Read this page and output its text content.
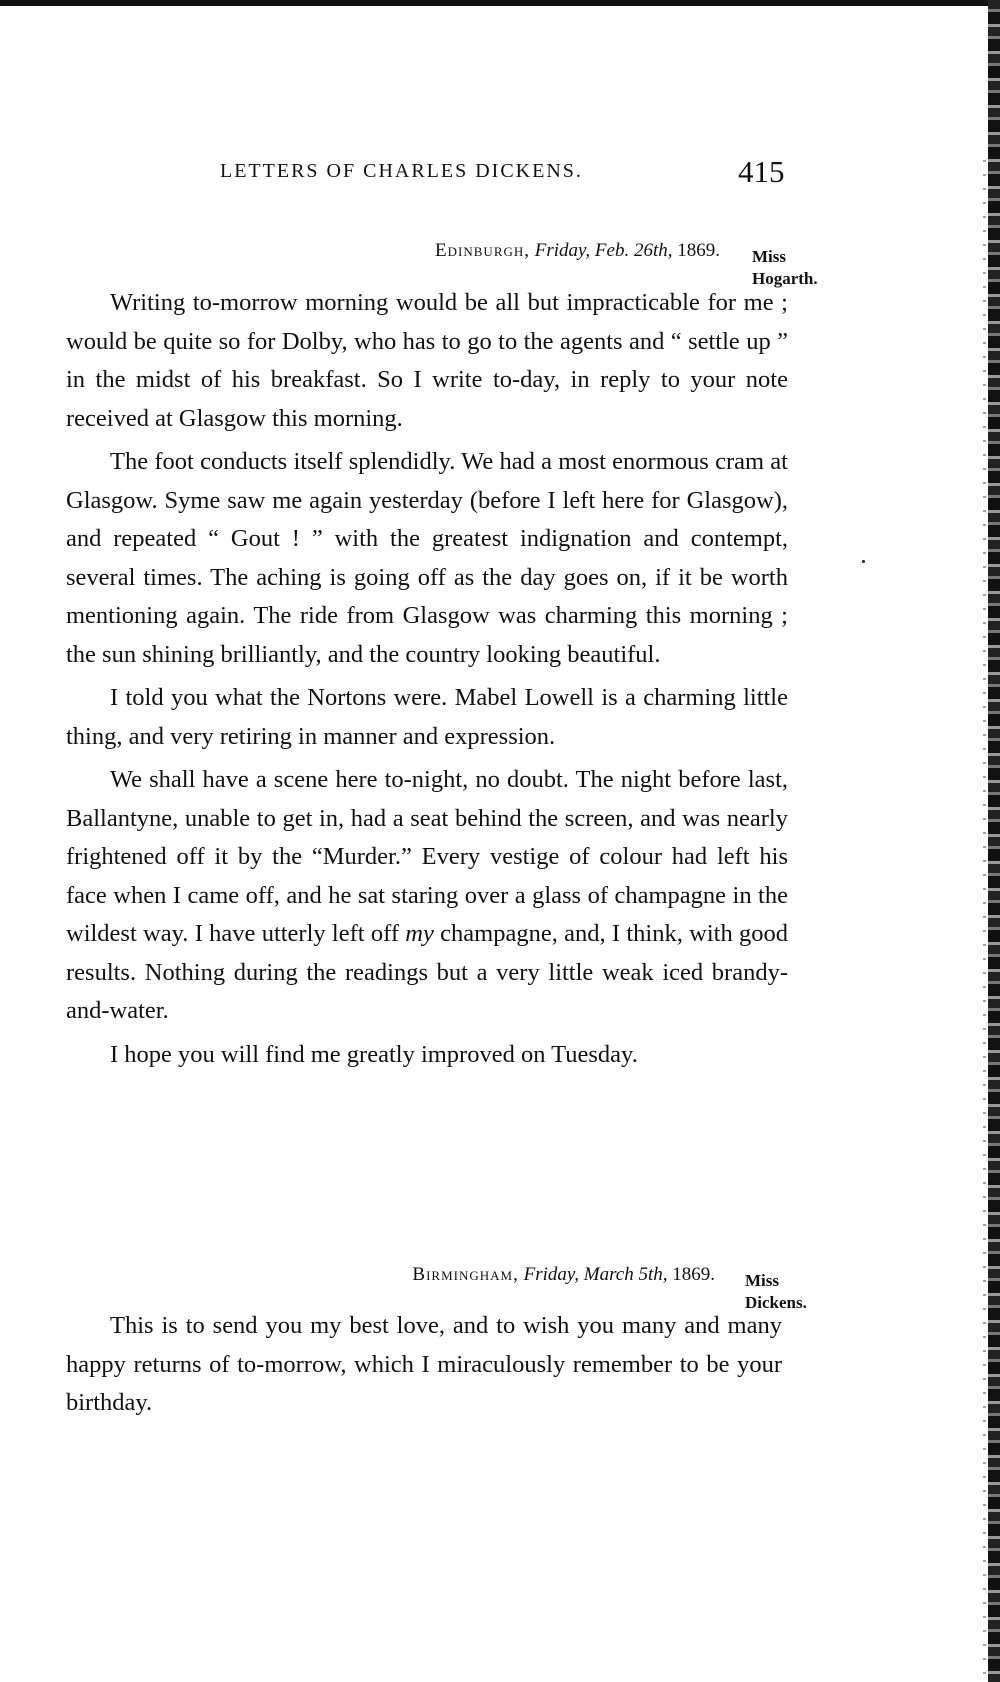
LETTERS OF CHARLES DICKENS.	415
Edinburgh, Friday, Feb. 26th, 1869. Miss
Hogarth.

Writing to-morrow morning would be all but impracticable for me ; would be quite so for Dolby, who has to go to the agents and “ settle up ” in the midst of his breakfast. So I write to-day, in reply to your note received at Glasgow this morning.

The foot conducts itself splendidly. We had a most enormous cram at Glasgow. Syme saw me again yesterday (before I left here for Glasgow), and repeated “ Gout ! ” with the greatest indignation and contempt, several times. The aching is going off as the day goes on, if it be worth mentioning again. The ride from Glasgow was charming this morning ; the sun shining brilliantly, and the country looking beautiful.

I told you what the Nortons were. Mabel Lowell is a charming little thing, and very retiring in manner and expression.

We shall have a scene here to-night, no doubt. The night before last, Ballantyne, unable to get in, had a seat behind the screen, and was nearly frightened off it by the “Murder.” Every vestige of colour had left his face when I came off, and he sat staring over a glass of champagne in the wildest way. I have utterly left off my champagne, and, I think, with good results. Nothing during the readings but a very little weak iced brandy-and-water.

I hope you will find me greatly improved on Tuesday.

Birmingham, Friday, March 5th, 1869. Miss
Dickens.

This is to send you my best love, and to wish you many and many happy returns of to-morrow, which I miraculously remember to be your birthday.
